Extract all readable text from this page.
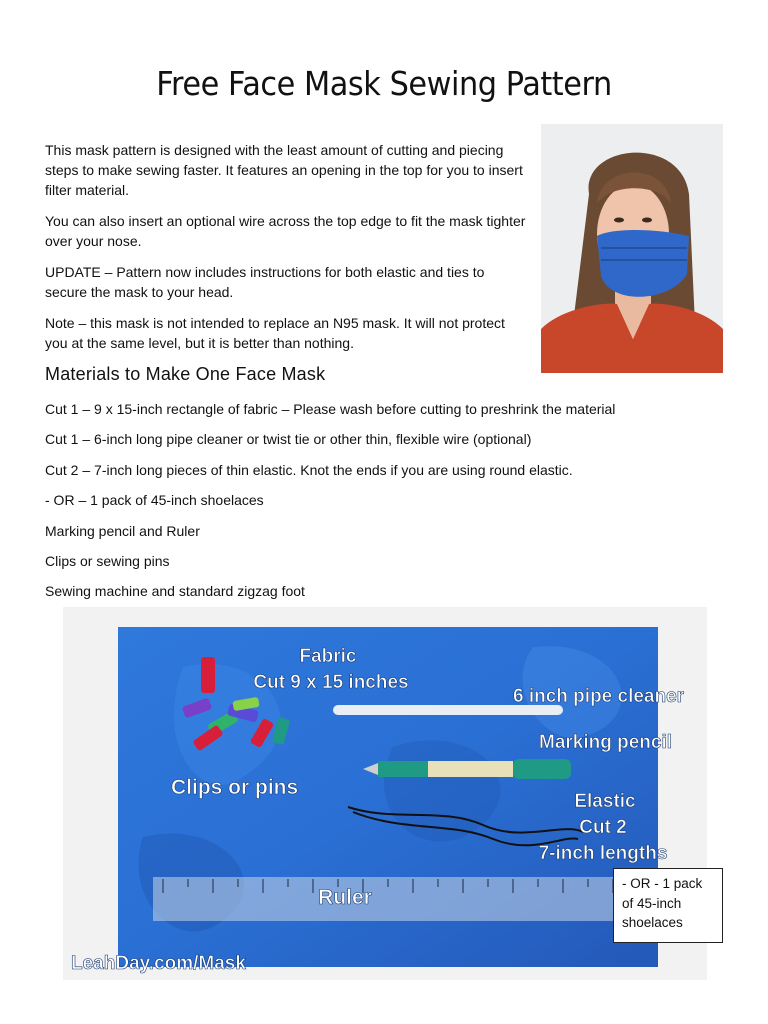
Free Face Mask Sewing Pattern

This mask pattern is designed with the least amount of cutting and piecing steps to make sewing faster. It features an opening in the top for you to insert filter material.

You can also insert an optional wire across the top edge to fit the mask tighter over your nose.

UPDATE – Pattern now includes instructions for both elastic and ties to secure the mask to your head.

Note – this mask is not intended to replace an N95 mask. It will not protect you at the same level, but it is better than nothing.

Materials to Make One Face Mask
Cut 1 – 9 x 15-inch rectangle of fabric – Please wash before cutting to preshrink the material
Cut 1 – 6-inch long pipe cleaner or twist tie or other thin, flexible wire (optional)
Cut 2 – 7-inch long pieces of thin elastic. Knot the ends if you are using round elastic.
- OR – 1 pack of 45-inch shoelaces
Marking pencil and Ruler
Clips or sewing pins
Sewing machine and standard zigzag foot
Fabric
Cut 9 x 15 inches
6 inch pipe cleaner
Marking pencil
Clips or pins
Elastic
Cut 2
7-inch lengths
Ruler
LeahDay.com/Mask
- OR - 1 pack
of 45-inch
shoelaces
